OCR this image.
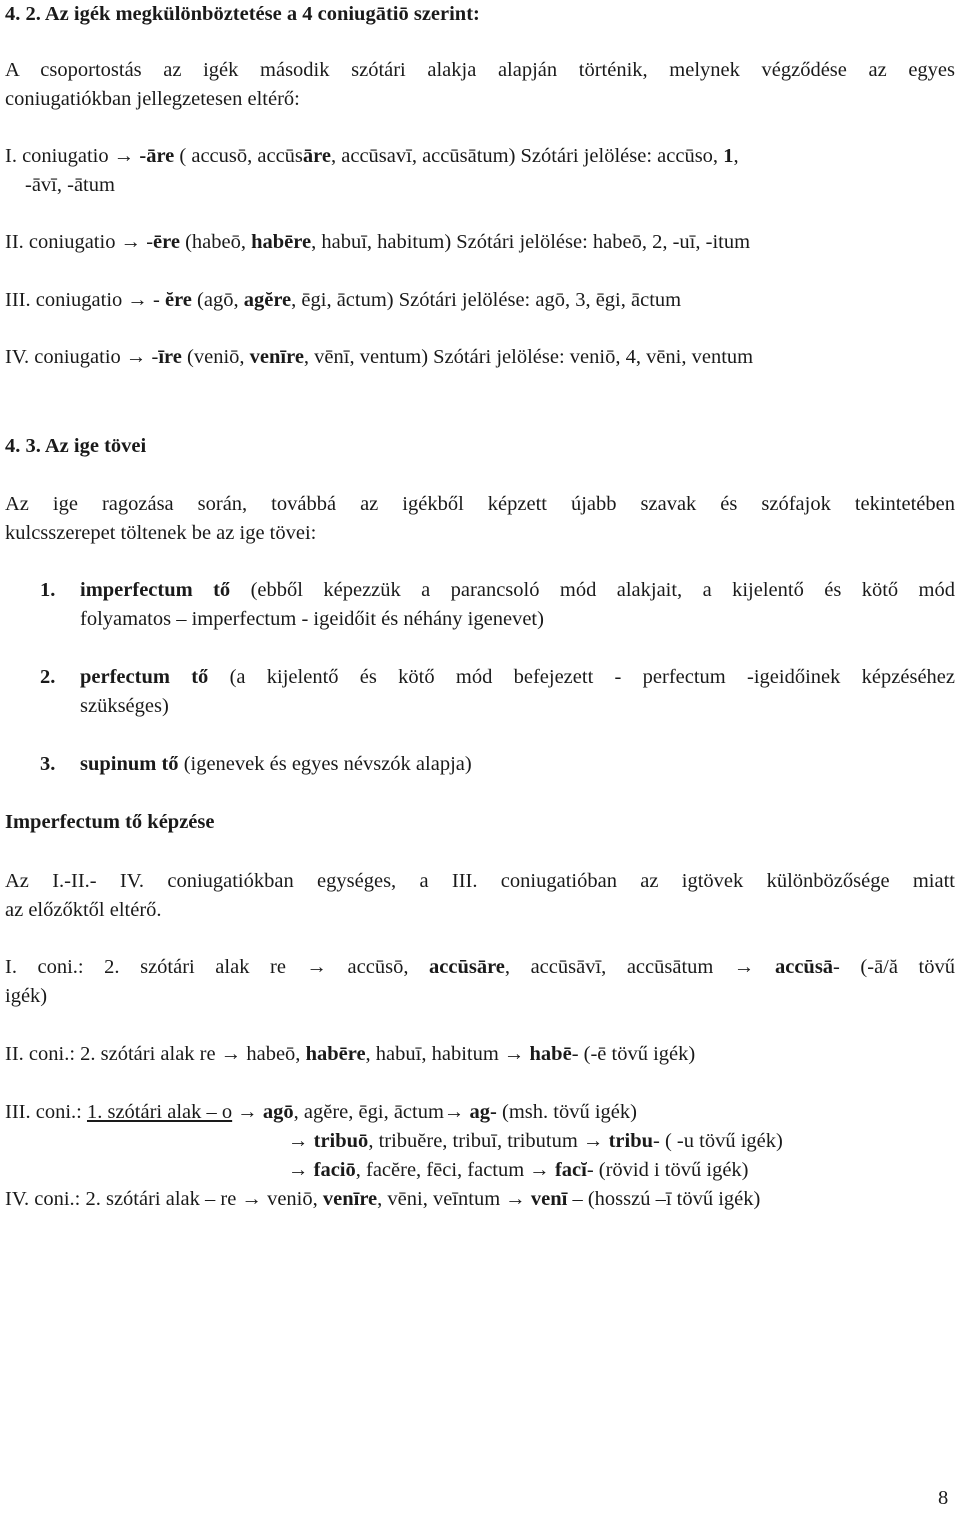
4. 2. Az igék megkülönböztetése a 4 coniugātiō szerint:
A csoportostás az igék második szótári alakja alapján történik, melynek végződése az egyes
coniugatiókban jellegzetesen eltérő:
I. coniugatio → -āre ( accusō, accūsāre, accūsavī, accūsātum) Szótári jelölése: accūso, 1,
-āvī, -ātum
II. coniugatio → -ēre (habeō, habēre, habuī, habitum) Szótári jelölése: habeō, 2, -uī, -itum
III. coniugatio → - ĕre (agō, agĕre, ēgi, āctum) Szótári jelölése: agō, 3, ēgi, āctum
IV. coniugatio → -īre (veniō, venīre, vēnī, ventum) Szótári jelölése: veniō, 4, vēni, ventum
4. 3. Az ige tövei
Az ige ragozása során, továbbá az igékből képzett újabb szavak és szófajok tekintetében
kulcsszerepet töltenek be az ige tövei:
1. imperfectum tő (ebből képezzük a parancsoló mód alakjait, a kijelentő és kötő mód
folyamatos – imperfectum - igeidőit és néhány igenevet)
2. perfectum tő (a kijelentő és kötő mód befejezett - perfectum -igeidőinek képzéséhez
szükséges)
3. supinum tő (igenevek és egyes névszók alapja)
Imperfectum tő képzése
Az I.-II.- IV. coniugatiókban egységes, a III. coniugatióban az igtövek különbözősége miatt
az előzőktől eltérő.
I. coni.: 2. szótári alak re → accūsō, accūsāre, accūsāvī, accūsātum → accūsā- (-ā/ă tövű
igék)
II. coni.: 2. szótári alak re → habeō, habēre, habuī, habitum → habē- (-ē tövű igék)
III. coni.: 1. szótári alak – o → agō, agĕre, ēgi, āctum→ ag- (msh. tövű igék)
→ tribuō, tribuĕre, tribuī, tributum → tribu- ( -u tövű igék)
→ faciō, facĕre, fēci, factum → facĭ- (rövid i tövű igék)
IV. coni.: 2. szótári alak – re → veniō, venīre, vēni, veīntum → venī – (hosszú –ī tövű igék)
8
